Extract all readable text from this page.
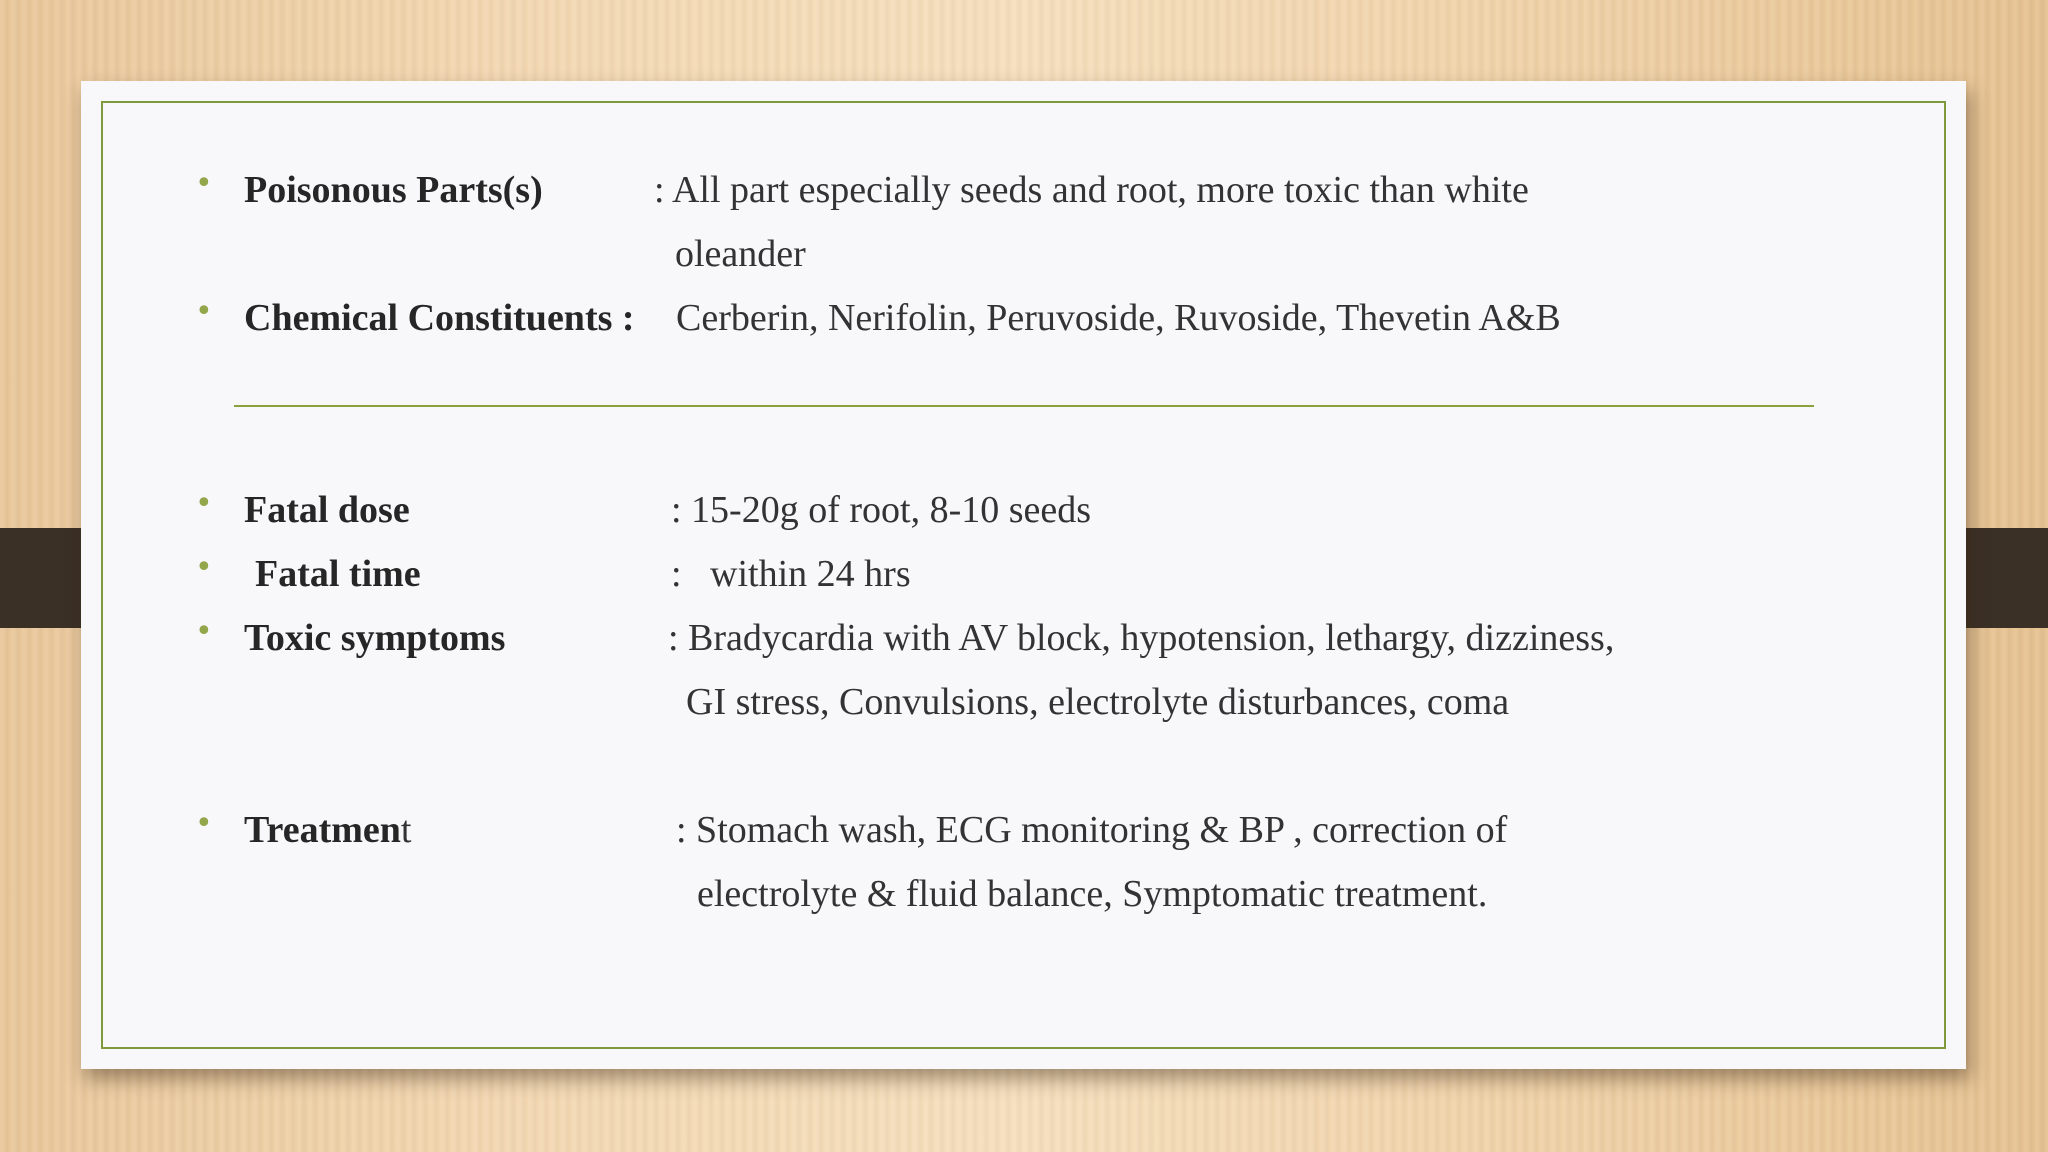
• Poisonous Parts(s)	: All part especially seeds and root, more toxic than white
oleander
• Chemical Constituents : Cerberin, Nerifolin, Peruvoside, Ruvoside, Thevetin A&B
• Fatal dose	: 15-20g of root, 8-10 seeds
• Fatal time	:   within 24 hrs
• Toxic symptoms	: Bradycardia with AV block, hypotension, lethargy, dizziness,
GI stress, Convulsions, electrolyte disturbances, coma
• Treatment	: Stomach wash, ECG monitoring & BP , correction of
electrolyte & fluid balance, Symptomatic treatment.
